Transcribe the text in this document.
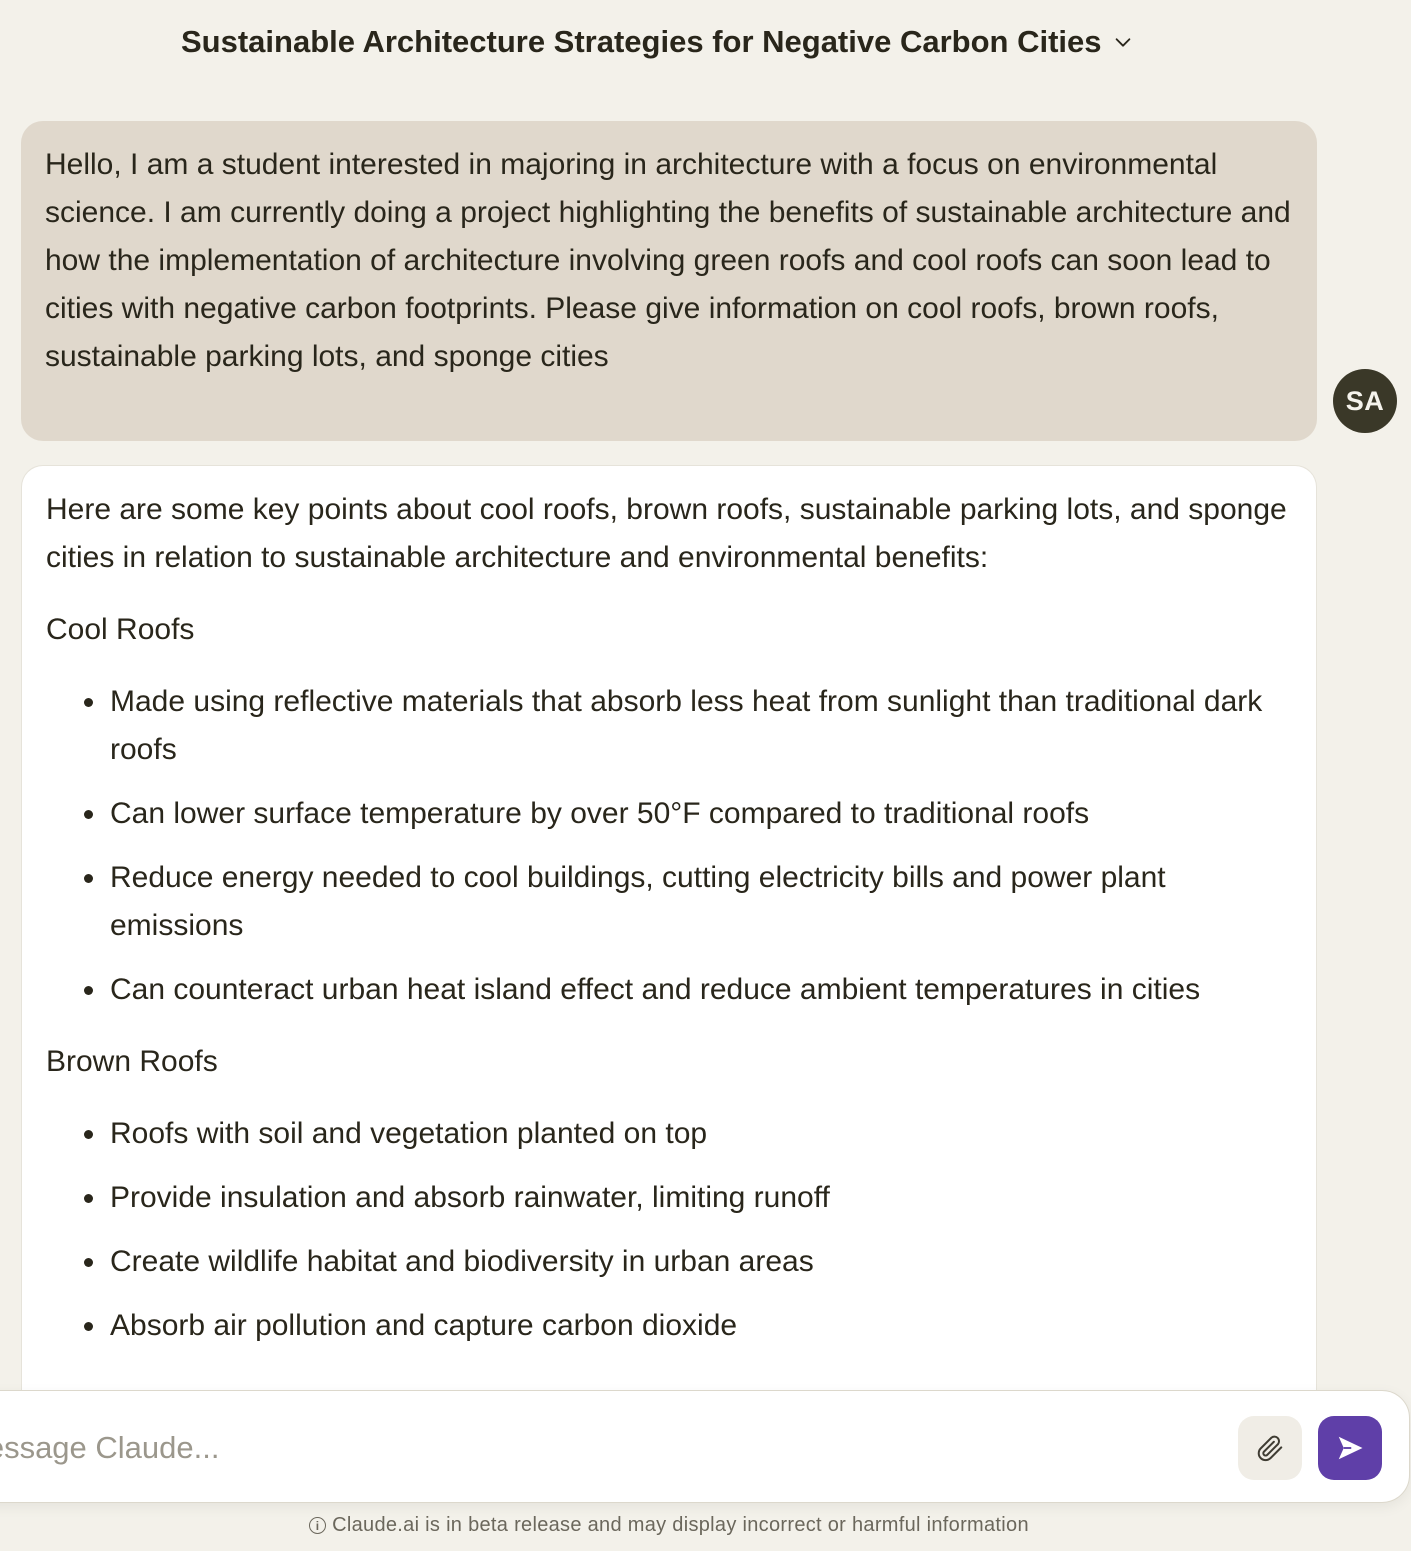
Sustainable Architecture Strategies for Negative Carbon Cities

Hello, I am a student interested in majoring in architecture with a focus on environmental science. I am currently doing a project highlighting the benefits of sustainable architecture and how the implementation of architecture involving green roofs and cool roofs can soon lead to cities with negative carbon footprints. Please give information on cool roofs, brown roofs, sustainable parking lots, and sponge cities

SA

Here are some key points about cool roofs, brown roofs, sustainable parking lots, and sponge cities in relation to sustainable architecture and environmental benefits:

Cool Roofs
Made using reflective materials that absorb less heat from sunlight than traditional dark roofs
Can lower surface temperature by over 50°F compared to traditional roofs
Reduce energy needed to cool buildings, cutting electricity bills and power plant emissions
Can counteract urban heat island effect and reduce ambient temperatures in cities
Brown Roofs
Roofs with soil and vegetation planted on top
Provide insulation and absorb rainwater, limiting runoff
Create wildlife habitat and biodiversity in urban areas
Absorb air pollution and capture carbon dioxide
Message Claude...
i Claude.ai is in beta release and may display incorrect or harmful information
